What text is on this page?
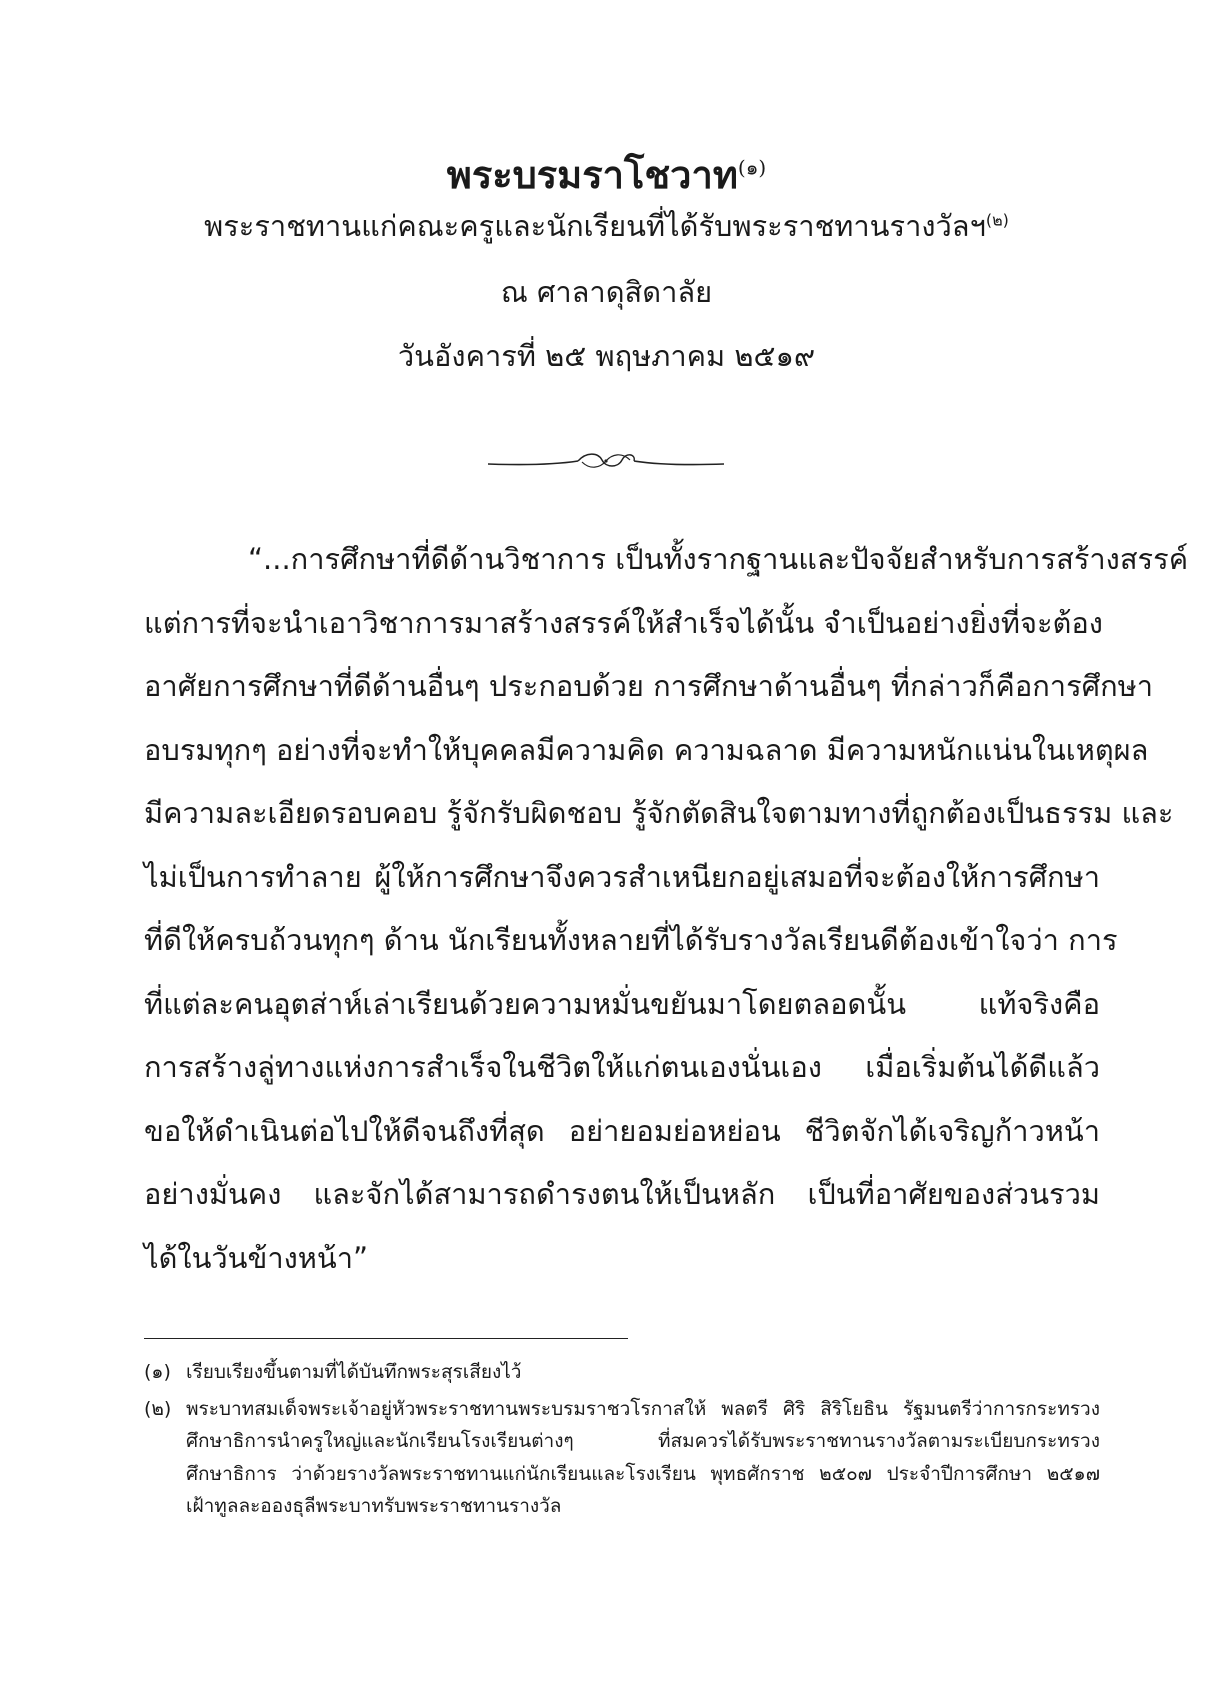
พระบรมราโชวาท$^{(๑)}$
พระราชทานแก่คณะครูและนักเรียนที่ได้รับพระราชทานรางวัลฯ$^{(๒)}$
ณ ศาลาดุสิดาลัย
วันอังคารที่ ๒๕ พฤษภาคม ๒๕๑๙
“...การศึกษาที่ดีด้านวิชาการ เป็นทั้งรากฐานและปัจจัยสำหรับการสร้างสรรค์
แต่การที่จะนำเอาวิชาการมาสร้างสรรค์ให้สำเร็จได้นั้น จำเป็นอย่างยิ่งที่จะต้อง
อาศัยการศึกษาที่ดีด้านอื่นๆ ประกอบด้วย การศึกษาด้านอื่นๆ ที่กล่าวก็คือการศึกษา
อบรมทุกๆ อย่างที่จะทำให้บุคคลมีความคิด ความฉลาด มีความหนักแน่นในเหตุผล
มีความละเอียดรอบคอบ รู้จักรับผิดชอบ รู้จักตัดสินใจตามทางที่ถูกต้องเป็นธรรม และ
ไม่เป็นการทำลาย ผู้ให้การศึกษาจึงควรสำเหนียกอยู่เสมอที่จะต้องให้การศึกษา
ที่ดีให้ครบถ้วนทุกๆ ด้าน นักเรียนทั้งหลายที่ได้รับรางวัลเรียนดีต้องเข้าใจว่า การ
ที่แต่ละคนอุตส่าห์เล่าเรียนด้วยความหมั่นขยันมาโดยตลอดนั้น แท้จริงคือ
การสร้างลู่ทางแห่งการสำเร็จในชีวิตให้แก่ตนเองนั่นเอง เมื่อเริ่มต้นได้ดีแล้ว
ขอให้ดำเนินต่อไปให้ดีจนถึงที่สุด อย่ายอมย่อหย่อน ชีวิตจักได้เจริญก้าวหน้า
อย่างมั่นคง และจักได้สามารถดำรงตนให้เป็นหลัก เป็นที่อาศัยของส่วนรวม
ได้ในวันข้างหน้า”
(๑) เรียบเรียงขึ้นตามที่ได้บันทึกพระสุรเสียงไว้
(๒) พระบาทสมเด็จพระเจ้าอยู่หัวพระราชทานพระบรมราชวโรกาสให้ พลตรี ศิริ สิริโยธิน รัฐมนตรีว่าการกระทรวง
ศึกษาธิการนำครูใหญ่และนักเรียนโรงเรียนต่างๆ ที่สมควรได้รับพระราชทานรางวัลตามระเบียบกระทรวง
ศึกษาธิการ ว่าด้วยรางวัลพระราชทานแก่นักเรียนและโรงเรียน พุทธศักราช ๒๕๐๗ ประจำปีการศึกษา ๒๕๑๗
เฝ้าทูลละอองธุลีพระบาทรับพระราชทานรางวัล
